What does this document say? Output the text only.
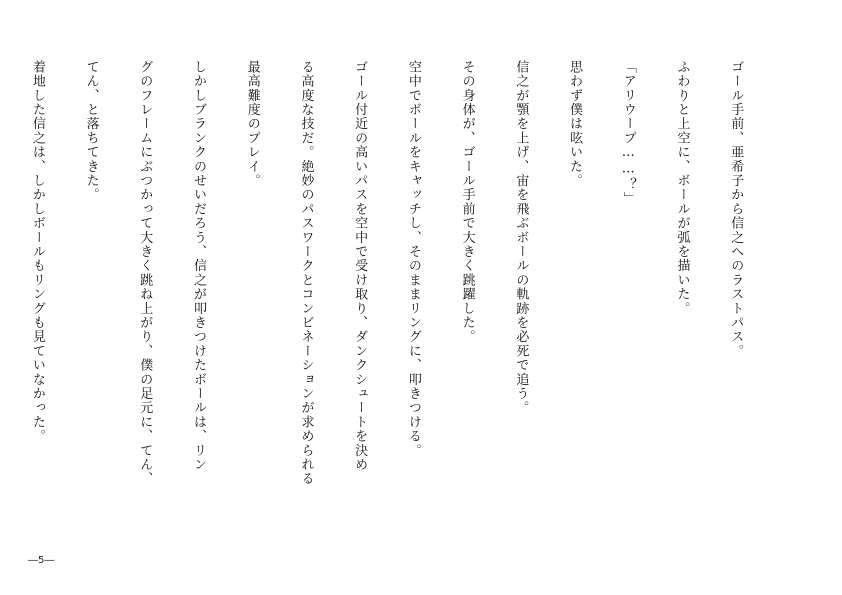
ゴール手前、亜希子から信之へのラストパス。

ふわりと上空に、ボールが弧を描いた。

「アリウープ……？」

思わず僕は呟いた。

信之が顎を上げ、宙を飛ぶボールの軌跡を必死で追う。

その身体が、ゴール手前で大きく跳躍した。

空中でボールをキャッチし、そのままリングに、叩きつける。

ゴール付近の高いパスを空中で受け取り、ダンクシュートを決め

る高度な技だ。絶妙のパスワークとコンビネーションが求められる

最高難度のプレイ。

しかしブランクのせいだろう、信之が叩きつけたボールは、リン

グのフレームにぶつかって大きく跳ね上がり、僕の足元に、てん、

てん、と落ちてきた。

着地した信之は、しかしボールもリングも見ていなかった。

―5―
